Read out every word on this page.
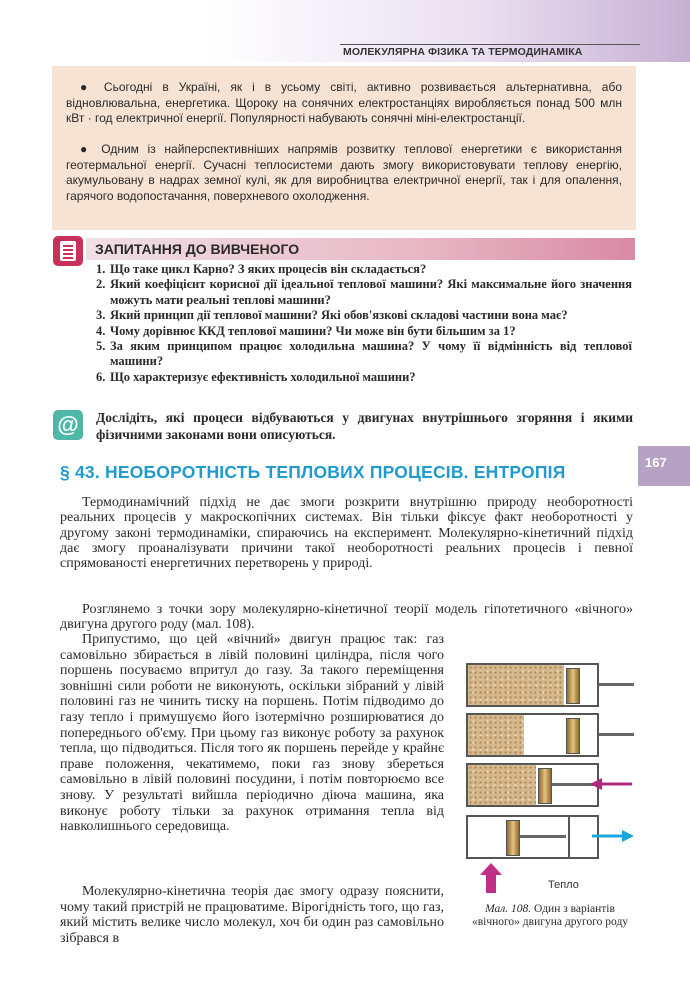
МОЛЕКУЛЯРНА ФІЗИКА ТА ТЕРМОДИНАМІКА

● Сьогодні в Україні, як і в усьому світі, активно розвивається альтернативна, або відновлювальна, енергетика. Щороку на сонячних електростанціях виробляється понад 500 млн кВт · год електричної енергії. Популярності набувають сонячні міні-електростанції.

● Одним із найперспективніших напрямів розвитку теплової енергетики є використання геотермальної енергії. Сучасні теплосистеми дають змогу використовувати теплову енергію, акумульовану в надрах земної кулі, як для виробництва електричної енергії, так і для опалення, гарячого водопостачання, поверхневого охолодження.

ЗАПИТАННЯ ДО ВИВЧЕНОГО
1. Що таке цикл Карно? З яких процесів він складається?
2. Який коефіцієнт корисної дії ідеальної теплової машини? Які максимальне його значення можуть мати реальні теплові машини?
3. Який принцип дії теплової машини? Які обов'язкові складові частини вона має?
4. Чому дорівнює ККД теплової машини? Чи може він бути більшим за 1?
5. За яким принципом працює холодильна машина? У чому її відмінність від теплової машини?
6. Що характеризує ефективність холодильної машини?
@	Дослідіть, які процеси відбуваються у двигунах внутрішнього згоряння і якими фізичними законами вони описуються.
167
§ 43. НЕОБОРОТНІСТЬ ТЕПЛОВИХ ПРОЦЕСІВ. ЕНТРОПІЯ

Термодинамічний підхід не дає змоги розкрити внутрішню природу необоротності реальних процесів у макроскопічних системах. Він тільки фіксує факт необоротності у другому законі термодинаміки, спираючись на експеримент. Молекулярно-кінетичний підхід дає змогу проаналізувати причини такої необоротності реальних процесів і певної спрямованості енергетичних перетворень у природі.

Розглянемо з точки зору молекулярно-кінетичної теорії модель гіпотетичного «вічного» двигуна другого роду (мал. 108).

Припустимо, що цей «вічний» двигун працює так: газ самовільно збирається в лівій половині циліндра, після чого поршень посуваємо впритул до газу. За такого переміщення зовнішні сили роботи не виконують, оскільки зібраний у лівій половині газ не чинить тиску на поршень. Потім підводимо до газу тепло і примушуємо його ізотермічно розширюватися до попереднього об'єму. При цьому газ виконує роботу за рахунок тепла, що підводиться. Після того як поршень перейде у крайнє праве положення, чекатимемо, поки газ знову збереться самовільно в лівій половині посудини, і потім повторюємо все знову. У результаті вийшла періодично діюча машина, яка виконує роботу тільки за рахунок отримання тепла від навколишнього середовища.

Молекулярно-кінетична теорія дає змогу одразу пояснити, чому такий пристрій не працюватиме. Вірогідність того, що газ, який містить велике число молекул, хоч би один раз самовільно зібрався в

Тепло
Мал. 108. Один з варіантів «вічного» двигуна другого роду
